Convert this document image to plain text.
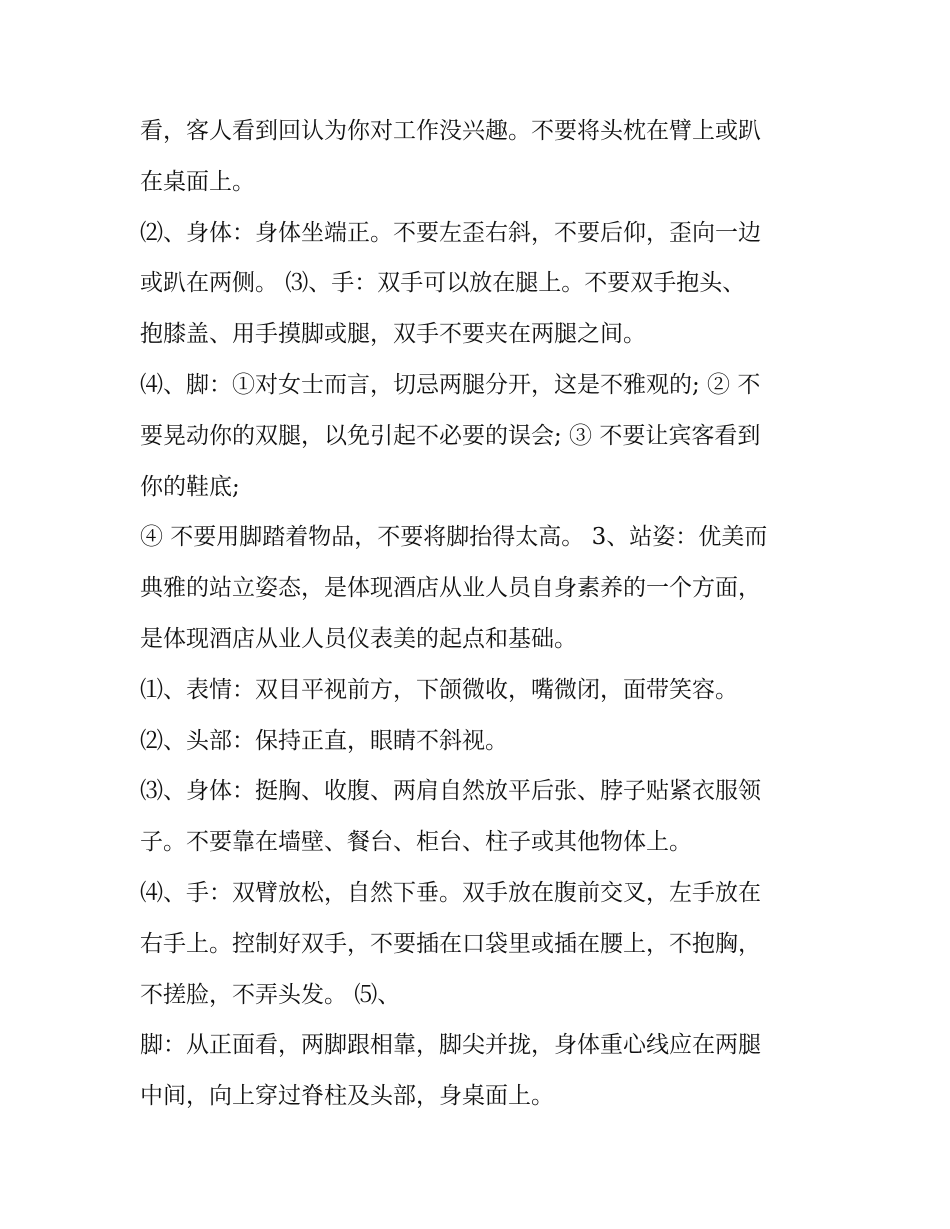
看，客人看到回认为你对工作没兴趣。不要将头枕在臂上或趴

在桌面上。

⑵、身体：身体坐端正。不要左歪右斜，不要后仰，歪向一边

或趴在两侧。 ⑶、手：双手可以放在腿上。不要双手抱头、

抱膝盖、用手摸脚或腿，双手不要夹在两腿之间。

⑷、脚：①对女士而言，切忌两腿分开，这是不雅观的; ② 不

要晃动你的双腿，以免引起不必要的误会; ③ 不要让宾客看到

你的鞋底;

④ 不要用脚踏着物品，不要将脚抬得太高。 3、站姿：优美而

典雅的站立姿态，是体现酒店从业人员自身素养的一个方面，

是体现酒店从业人员仪表美的起点和基础。

⑴、表情：双目平视前方，下颌微收，嘴微闭，面带笑容。

⑵、头部：保持正直，眼睛不斜视。

⑶、身体：挺胸、收腹、两肩自然放平后张、脖子贴紧衣服领

子。不要靠在墙壁、餐台、柜台、柱子或其他物体上。

⑷、手：双臂放松，自然下垂。双手放在腹前交叉，左手放在

右手上。控制好双手，不要插在口袋里或插在腰上，不抱胸，

不搓脸，不弄头发。 ⑸、

脚：从正面看，两脚跟相靠，脚尖并拢，身体重心线应在两腿

中间，向上穿过脊柱及头部，身桌面上。
